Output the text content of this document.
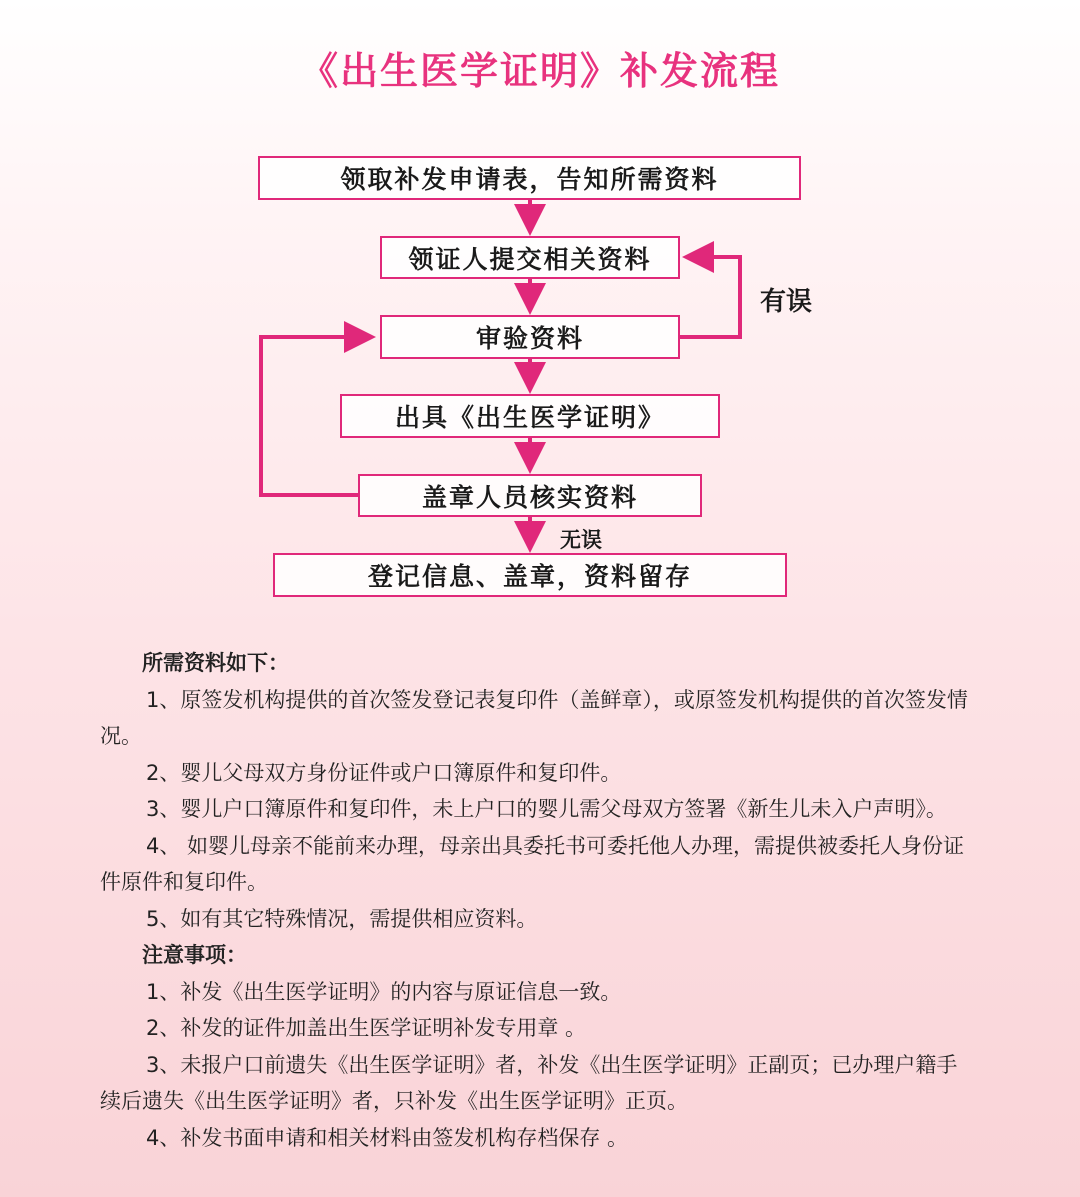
《出生医学证明》补发流程
领取补发申请表，告知所需资料
领证人提交相关资料
审验资料
出具《出生医学证明》
盖章人员核实资料
登记信息、盖章，资料留存
有误
无误

所需资料如下：

1、原签发机构提供的首次签发登记表复印件（盖鲜章），或原签发机构提供的首次签发情况。

2、婴儿父母双方身份证件或户口簿原件和复印件。

3、婴儿户口簿原件和复印件，未上户口的婴儿需父母双方签署《新生儿未入户声明》。

4、 如婴儿母亲不能前来办理，母亲出具委托书可委托他人办理，需提供被委托人身份证件原件和复印件。

5、如有其它特殊情况，需提供相应资料。

注意事项：

1、补发《出生医学证明》的内容与原证信息一致。

2、补发的证件加盖出生医学证明补发专用章 。

3、未报户口前遗失《出生医学证明》者，补发《出生医学证明》正副页；已办理户籍手续后遗失《出生医学证明》者，只补发《出生医学证明》正页。

4、补发书面申请和相关材料由签发机构存档保存 。
